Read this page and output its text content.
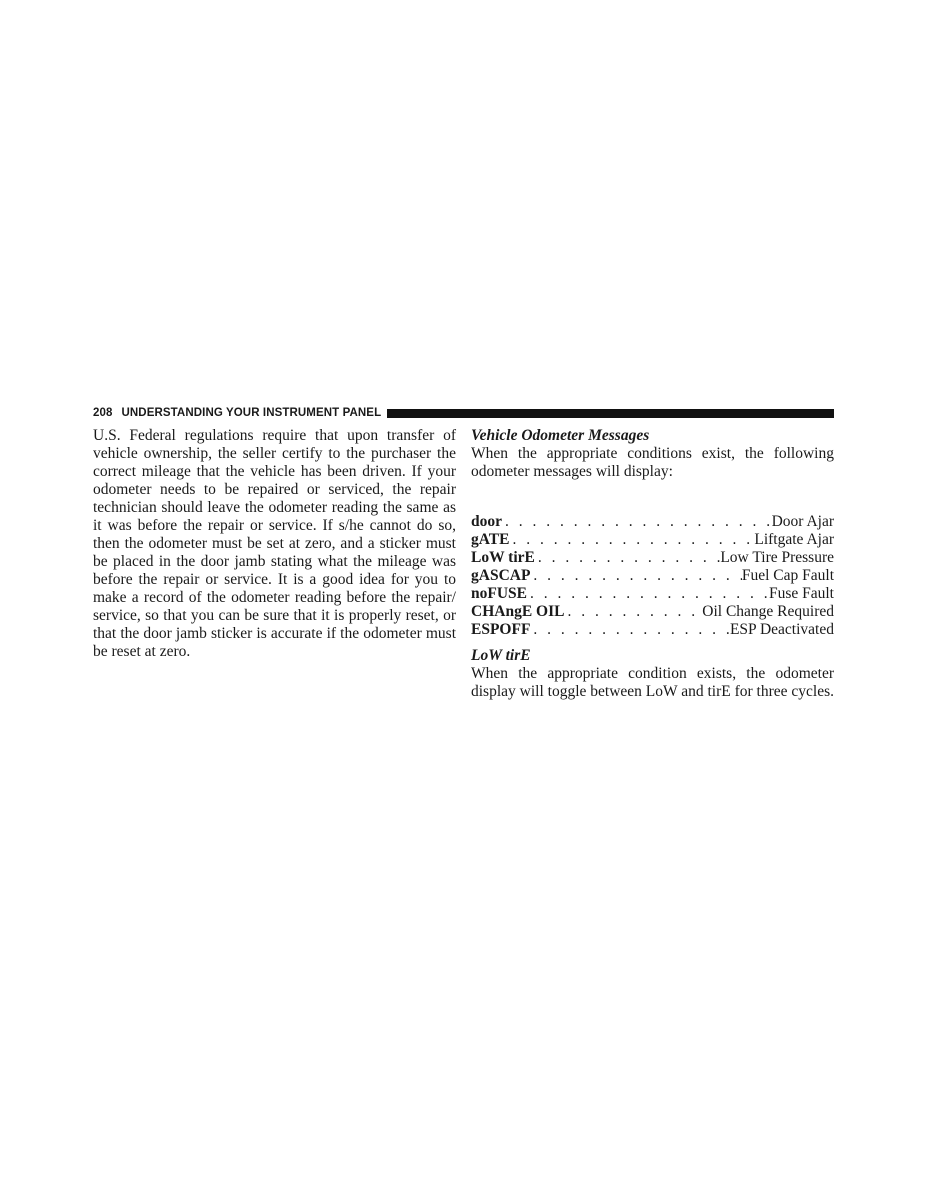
208 UNDERSTANDING YOUR INSTRUMENT PANEL

U.S. Federal regulations require that upon transfer of vehicle ownership, the seller certify to the purchaser the correct mileage that the vehicle has been driven. If your odometer needs to be repaired or serviced, the repair technician should leave the odometer reading the same as it was before the repair or service. If s/he cannot do so, then the odometer must be set at zero, and a sticker must be placed in the door jamb stating what the mileage was before the repair or service. It is a good idea for you to make a record of the odometer reading before the repair/ service, so that you can be sure that it is properly reset, or that the door jamb sticker is accurate if the odometer must be reset at zero.

Vehicle Odometer Messages

When the appropriate conditions exist, the following odometer messages will display:

door . . .	Door Ajar
gATE . . .	Liftgate Ajar
LoW tirE . . .	Low Tire Pressure
gASCAP . . .	Fuel Cap Fault
noFUSE . . .	Fuse Fault
CHAngE OIL . . .	Oil Change Required
ESPOFF . . .	ESP Deactivated

LoW tirE

When the appropriate condition exists, the odometer display will toggle between LoW and tirE for three cycles.
